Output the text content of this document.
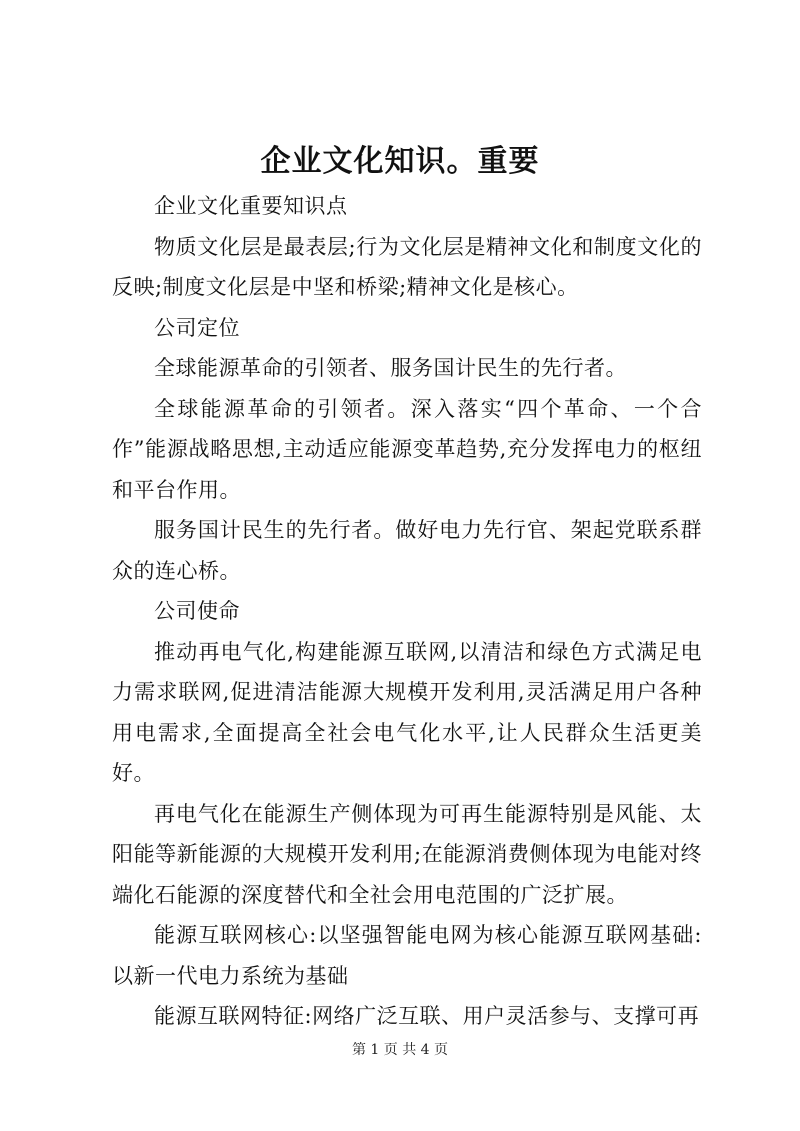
企业文化知识。重要

企业文化重要知识点

物质文化层是最表层;行为文化层是精神文化和制度文化的反映;制度文化层是中坚和桥梁;精神文化是核心。

公司定位

全球能源革命的引领者、服务国计民生的先行者。

全球能源革命的引领者。深入落实“四个革命、一个合作”能源战略思想,主动适应能源变革趋势,充分发挥电力的枢纽和平台作用。

服务国计民生的先行者。做好电力先行官、架起党联系群众的连心桥。

公司使命

推动再电气化,构建能源互联网,以清洁和绿色方式满足电力需求联网,促进清洁能源大规模开发利用,灵活满足用户各种用电需求,全面提高全社会电气化水平,让人民群众生活更美好。

再电气化在能源生产侧体现为可再生能源特别是风能、太阳能等新能源的大规模开发利用;在能源消费侧体现为电能对终端化石能源的深度替代和全社会用电范围的广泛扩展。

能源互联网核心:以坚强智能电网为核心能源互联网基础:以新一代电力系统为基础

能源互联网特征:网络广泛互联、用户灵活参与、支撑可再

第 1 页 共 4 页
